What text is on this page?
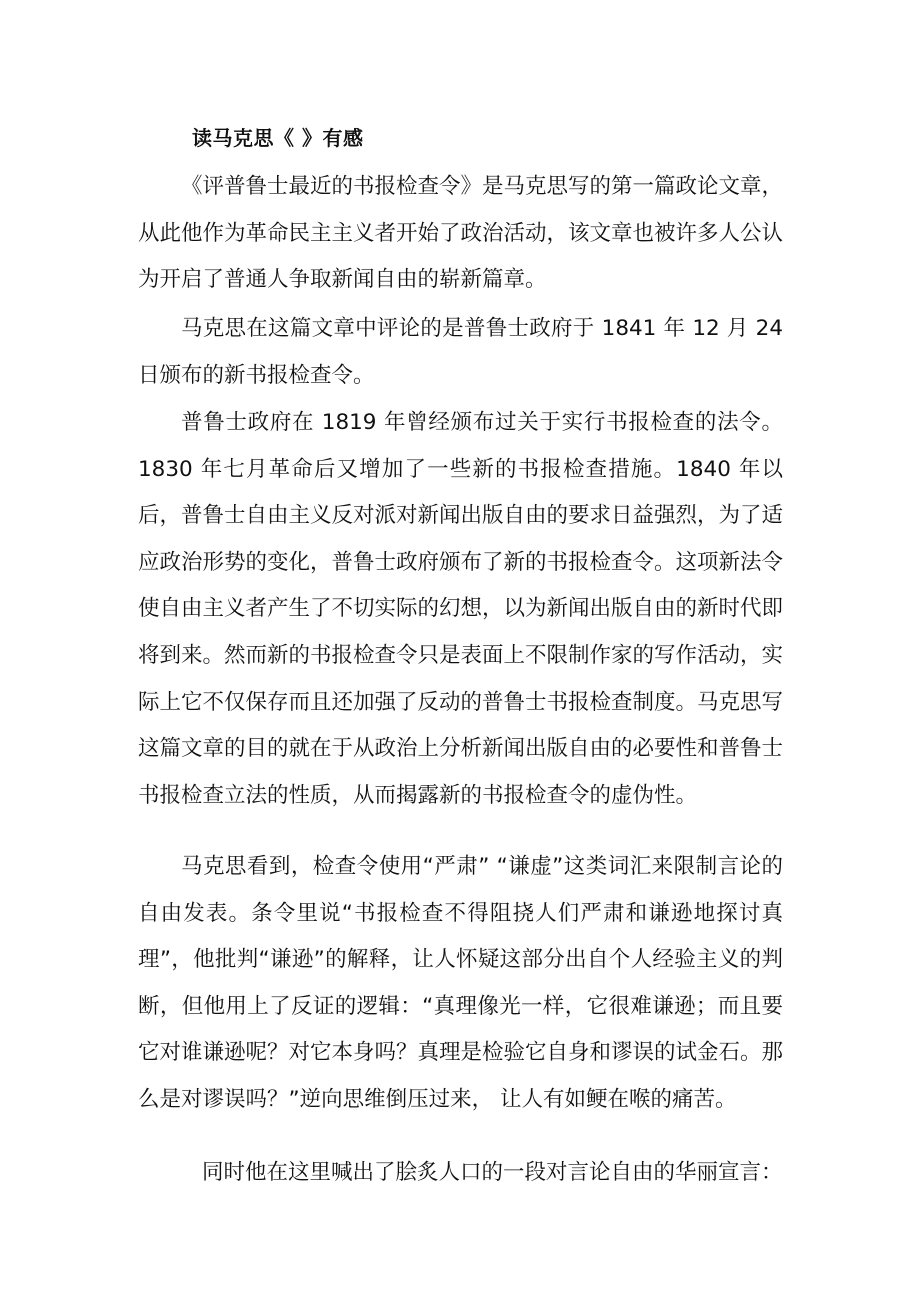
读马克思《 》有感

《评普鲁士最近的书报检查令》是马克思写的第一篇政论文章，从此他作为革命民主主义者开始了政治活动，该文章也被许多人公认为开启了普通人争取新闻自由的崭新篇章。

马克思在这篇文章中评论的是普鲁士政府于 1841 年 12 月 24 日颁布的新书报检查令。

普鲁士政府在 1819 年曾经颁布过关于实行书报检查的法令。1830 年七月革命后又增加了一些新的书报检查措施。1840 年以后，普鲁士自由主义反对派对新闻出版自由的要求日益强烈，为了适应政治形势的变化，普鲁士政府颁布了新的书报检查令。这项新法令使自由主义者产生了不切实际的幻想，以为新闻出版自由的新时代即将到来。然而新的书报检查令只是表面上不限制作家的写作活动，实际上它不仅保存而且还加强了反动的普鲁士书报检查制度。马克思写这篇文章的目的就在于从政治上分析新闻出版自由的必要性和普鲁士书报检查立法的性质，从而揭露新的书报检查令的虚伪性。

马克思看到，检查令使用“严肃” “谦虚”这类词汇来限制言论的自由发表。条令里说“书报检查不得阻挠人们严肃和谦逊地探讨真理”，他批判“谦逊”的解释，让人怀疑这部分出自个人经验主义的判断，但他用上了反证的逻辑：“真理像光一样，它很难谦逊；而且要它对谁谦逊呢？对它本身吗？真理是检验它自身和谬误的试金石。那么是对谬误吗？”逆向思维倒压过来， 让人有如鲠在喉的痛苦。

同时他在这里喊出了脍炙人口的一段对言论自由的华丽宣言：
